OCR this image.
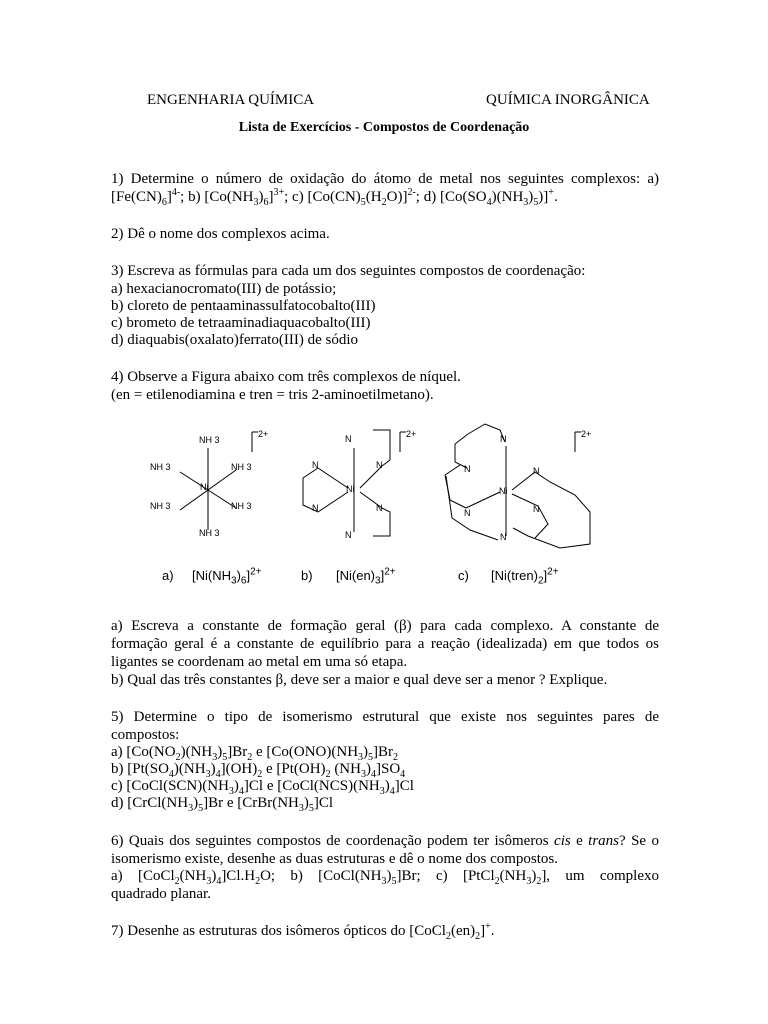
ENGENHARIA QUÍMICA	QUÍMICA INORGÂNICA
Lista de Exercícios - Compostos de Coordenação
1) Determine o número de oxidação do átomo de metal nos seguintes complexos: a)
$[Fe(CN)_6]^{4-}$; b) $[Co(NH_3)_6]^{3+}$; c) $[Co(CN)_5(H_2O)]^{2-}$; d) $[Co(SO_4)(NH_3)_5)]^+$.
2) Dê o nome dos complexos acima.
3) Escreva as fórmulas para cada um dos seguintes compostos de coordenação:
a) hexacianocromato(III) de potássio;
b) cloreto de pentaaminassulfatocobalto(III)
c) brometo de tetraaminadiaquacobalto(III)
d) diaquabis(oxalato)ferrato(III) de sódio
4) Observe a Figura abaixo com três complexos de níquel.
(en = etilenodiamina e tren = tris 2-aminoetilmetano).
NH 3
NH 3	NH 3
Ni
NH 3	NH 3
NH 3
2+	N
N	N
Ni
N	N
N
2+	N
N	N
Ni
N	N
N
2+
a) $[Ni(NH_3)_6]^{2+}$	b) $[Ni(en)_3]^{2+}$	c) $[Ni(tren)_2]^{2+}$
a) Escreva a constante de formação geral (β) para cada complexo. A constante de
formação geral é a constante de equilíbrio para a reação (idealizada) em que todos os
ligantes se coordenam ao metal em uma só etapa.
b) Qual das três constantes β, deve ser a maior e qual deve ser a menor ? Explique.
5) Determine o tipo de isomerismo estrutural que existe nos seguintes pares de
compostos:
a) $[Co(NO_2)(NH_3)_5]Br_2$ e $[Co(ONO)(NH_3)_5]Br_2$
b) $[Pt(SO_4)(NH_3)_4](OH)_2$ e [$Pt(OH)_2$ $(NH_3)_4]SO_4$
c) $[CoCl(SCN)(NH_3)_4]Cl$ e $[CoCl(NCS)(NH_3)_4]Cl$
d) $[CrCl(NH_3)_5]Br$ e $[CrBr(NH_3)_5]Cl$
6) Quais dos seguintes compostos de coordenação podem ter isômeros cis e trans? Se o
isomerismo existe, desenhe as duas estruturas e dê o nome dos compostos.
a) $[CoCl_2(NH_3)_4]Cl.H_2O$; b) $[CoCl(NH_3)_5]Br$; c) $[PtCl_2(NH_3)_2]$, um complexo
quadrado planar.
7) Desenhe as estruturas dos isômeros ópticos do $[CoCl_2(en)_2]^+$.
